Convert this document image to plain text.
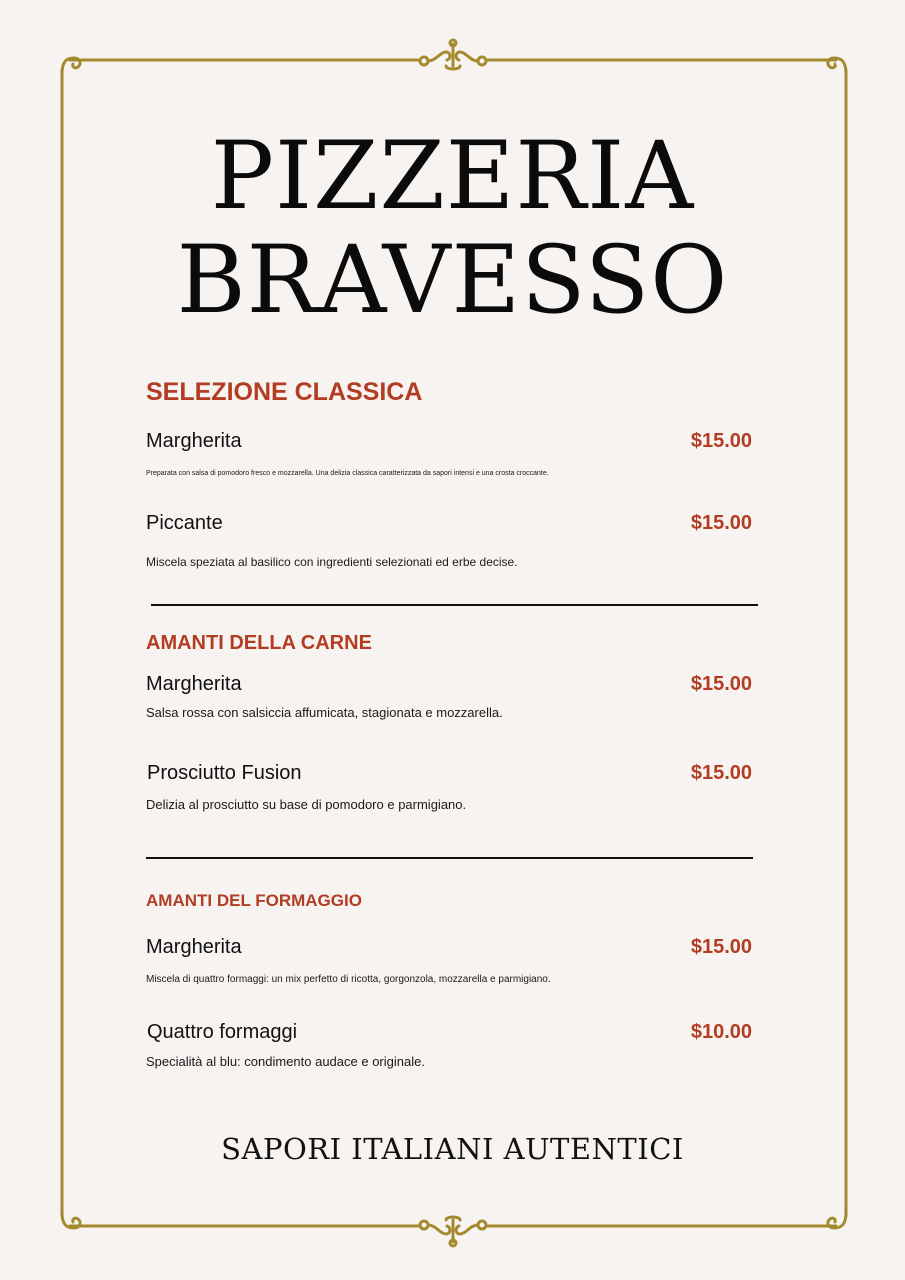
PIZZERIA
BRAVESSO
SELEZIONE CLASSICA
Margherita	$15.00
Preparata con salsa di pomodoro fresco e mozzarella. Una delizia classica caratterizzata da sapori intensi e una crosta croccante.
Piccante	$15.00
Miscela speziata al basilico con ingredienti selezionati ed erbe decise.
AMANTI DELLA CARNE
Margherita	$15.00
Salsa rossa con salsiccia affumicata, stagionata e mozzarella.
Prosciutto Fusion	$15.00
Delizia al prosciutto su base di pomodoro e parmigiano.
AMANTI DEL FORMAGGIO
Margherita	$15.00
Miscela di quattro formaggi: un mix perfetto di ricotta, gorgonzola, mozzarella e parmigiano.
Quattro formaggi	$10.00
Specialità al blu: condimento audace e originale.
SAPORI ITALIANI AUTENTICI
